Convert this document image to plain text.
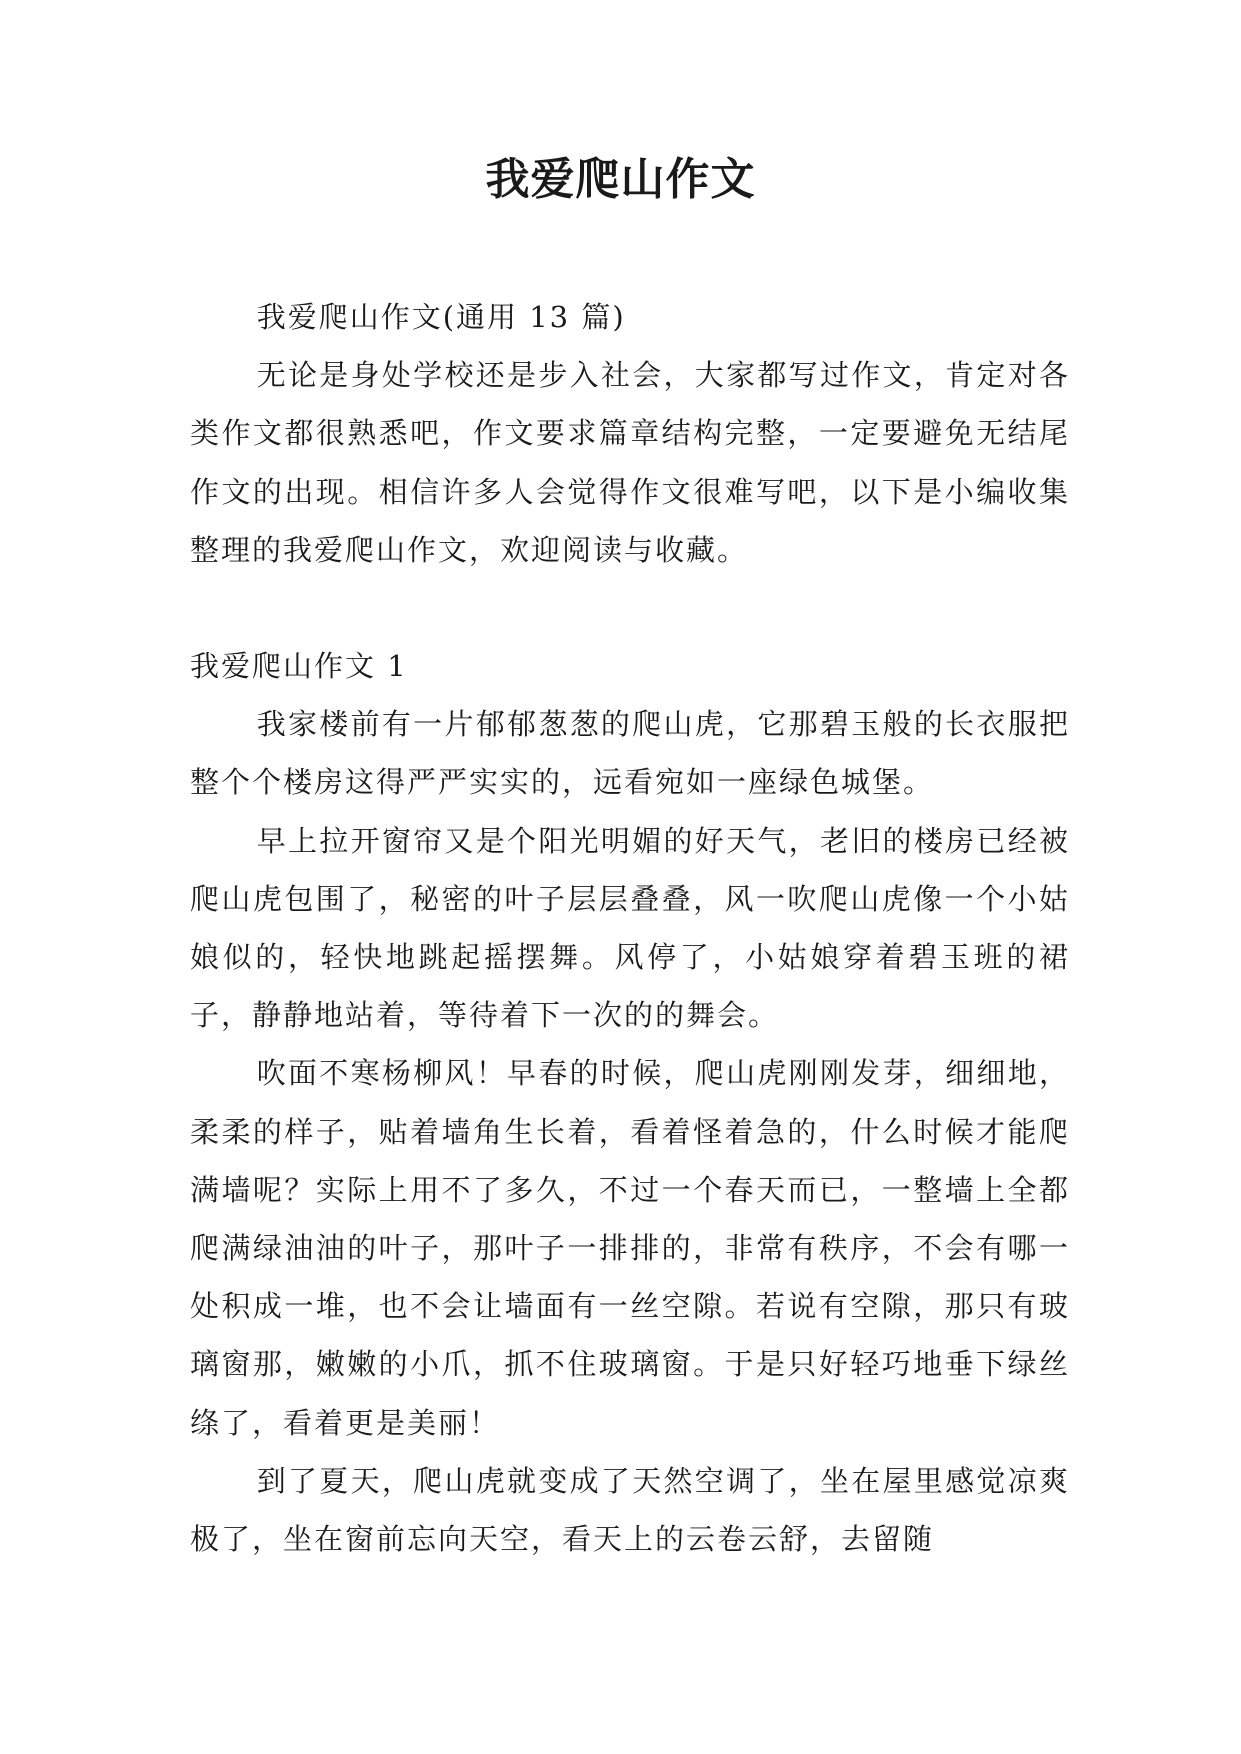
我爱爬山作文

我爱爬山作文(通用 13 篇)

无论是身处学校还是步入社会，大家都写过作文，肯定对各类作文都很熟悉吧，作文要求篇章结构完整，一定要避免无结尾作文的出现。相信许多人会觉得作文很难写吧，以下是小编收集整理的我爱爬山作文，欢迎阅读与收藏。

我爱爬山作文 1

我家楼前有一片郁郁葱葱的爬山虎，它那碧玉般的长衣服把整个个楼房这得严严实实的，远看宛如一座绿色城堡。

早上拉开窗帘又是个阳光明媚的好天气，老旧的楼房已经被爬山虎包围了，秘密的叶子层层叠叠，风一吹爬山虎像一个小姑娘似的，轻快地跳起摇摆舞。风停了，小姑娘穿着碧玉班的裙子，静静地站着，等待着下一次的的舞会。

吹面不寒杨柳风！早春的时候，爬山虎刚刚发芽，细细地，柔柔的样子，贴着墙角生长着，看着怪着急的，什么时候才能爬满墙呢？实际上用不了多久，不过一个春天而已，一整墙上全都爬满绿油油的叶子，那叶子一排排的，非常有秩序，不会有哪一处积成一堆，也不会让墙面有一丝空隙。若说有空隙，那只有玻璃窗那，嫩嫩的小爪，抓不住玻璃窗。于是只好轻巧地垂下绿丝绦了，看着更是美丽！

到了夏天，爬山虎就变成了天然空调了，坐在屋里感觉凉爽极了，坐在窗前忘向天空，看天上的云卷云舒，去留随
